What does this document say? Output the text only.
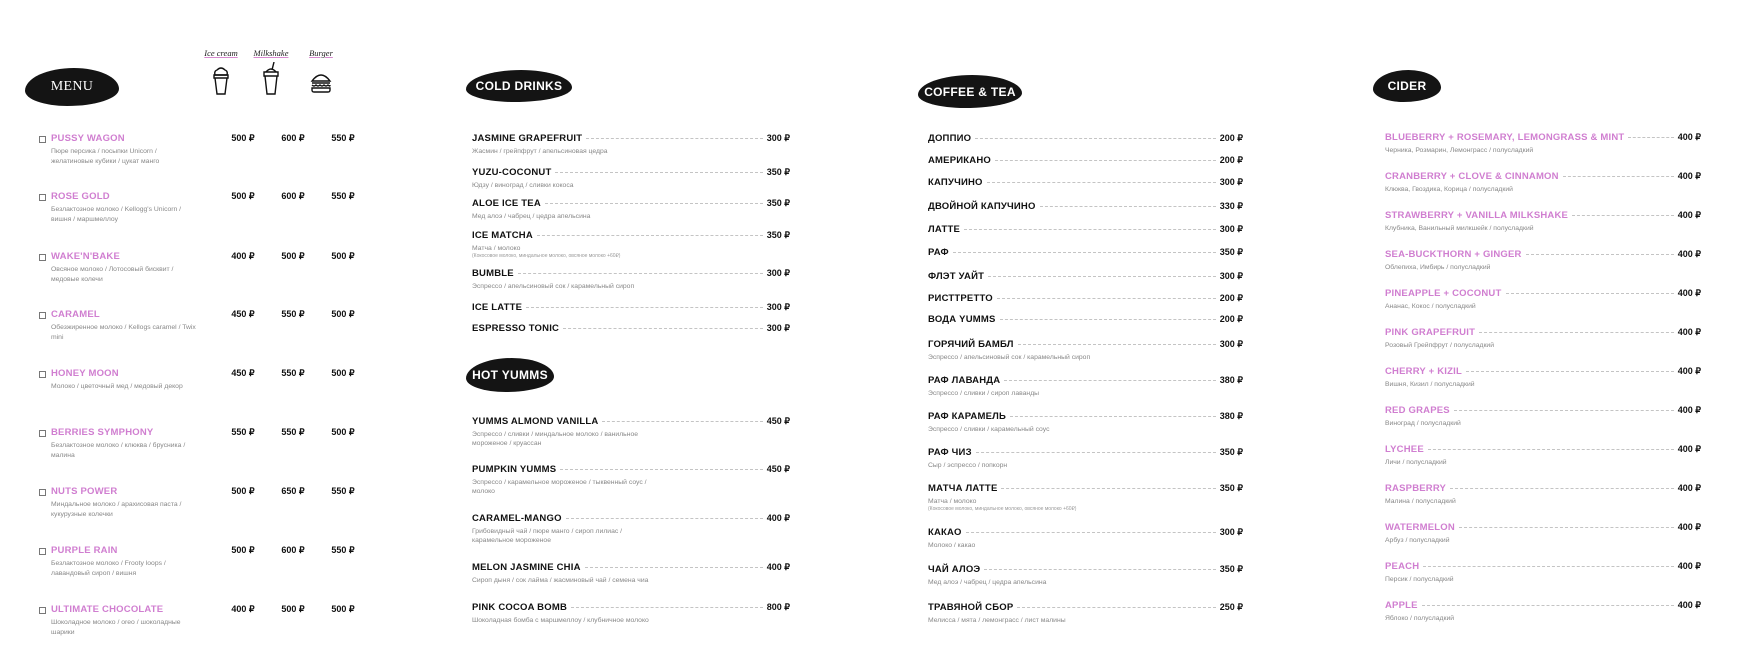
MENU
Ice cream	Milkshake	Burger
PUSSY WAGON
Пюре персика / посыпки Unicorn / желатиновые кубики / цукат манго
500 ₽	600 ₽	550 ₽
ROSE GOLD
Безлактозное молоко / Kellogg's Unicorn / вишня / маршмеллоу
500 ₽	600 ₽	550 ₽
WAKE'N'BAKE
Овсяное молоко / Лотосовый бисквит / медовые колечи
400 ₽	500 ₽	500 ₽
CARAMEL
Обезжиренное молоко / Kellogs caramel / Twix mini
450 ₽	550 ₽	500 ₽
HONEY MOON
Молоко / цветочный мед / медовый декор
450 ₽	550 ₽	500 ₽
BERRIES SYMPHONY
Безлактозное молоко / клюква / брусника / малина
550 ₽	550 ₽	500 ₽
NUTS POWER
Миндальное молоко / арахисовая паста / кукурузные колечки
500 ₽	650 ₽	550 ₽
PURPLE RAIN
Безлактозное молоко / Frooty loops / лавандовый сироп / вишня
500 ₽	600 ₽	550 ₽
ULTIMATE CHOCOLATE
Шоколадное молоко / oreo / шоколадные шарики
400 ₽	500 ₽	500 ₽
COLD DRINKS
JASMINE GRAPEFRUIT	300 ₽
Жасмин / грейпфрут / апельсиновая цедра
YUZU-COCONUT	350 ₽
Юдзу / виноград / сливки кокоса
ALOE ICE TEA	350 ₽
Мед алоэ / чабрец / цедра апельсина
ICE MATCHA	350 ₽
Матча / молоко
(Кокосовое молоко, миндальное молоко, овсяное молоко +60₽)
BUMBLE	300 ₽
Эспрессо / апельсиновый сок / карамельный сироп
ICE LATTE	300 ₽
ESPRESSO TONIC	300 ₽
HOT YUMMS
YUMMS ALMOND VANILLA	450 ₽
Эспрессо / сливки / миндальное молоко / ванильное мороженое / круассан
PUMPKIN YUMMS	450 ₽
Эспрессо / карамельное мороженое / тыквенный соус / молоко
CARAMEL-MANGO	400 ₽
Грибовидный чай / пюре манго / сироп лилиас / карамельное мороженое
MELON JASMINE CHIA	400 ₽
Сироп дыня / сок лайма / жасминовый чай / семена чиа
PINK COCOA BOMB	800 ₽
Шоколадная бомба с маршмеллоу / клубничное молоко
COFFEE & TEA
ДОППИО	200 ₽
АМЕРИКАНО	200 ₽
КАПУЧИНО	300 ₽
ДВОЙНОЙ КАПУЧИНО	330 ₽
ЛАТТЕ	300 ₽
РАФ	350 ₽
ФЛЭТ УАЙТ	300 ₽
РИСТТРЕТТО	200 ₽
ВОДА YUMMS	200 ₽
ГОРЯЧИЙ БАМБЛ	300 ₽
Эспрессо / апельсиновый сок / карамельный сироп
РАФ ЛАВАНДА	380 ₽
Эспрессо / сливки / сироп лаванды
РАФ КАРАМЕЛЬ	380 ₽
Эспрессо / сливки / карамельный соус
РАФ ЧИЗ	350 ₽
Сыр / эспрессо / попкорн
МАТЧА ЛАТТЕ	350 ₽
Матча / молоко
(Кокосовое молоко, миндальное молоко, овсяное молоко +60₽)
КАКАО	300 ₽
Молоко / какао
ЧАЙ АЛОЭ	350 ₽
Мед алоэ / чабрец / цедра апельсина
ТРАВЯНОЙ СБОР	250 ₽
Мелисса / мята / лемонграсс / лист малины
CIDER
BLUEBERRY + ROSEMARY, LEMONGRASS & MINT	400 ₽
Черника, Розмарин, Лемонграсс / полусладкий
CRANBERRY + CLOVE & CINNAMON	400 ₽
Клюква, Гвоздика, Корица / полусладкий
STRAWBERRY + VANILLA MILKSHAKE	400 ₽
Клубника, Ванильный милкшейк / полусладкий
SEA-BUCKTHORN + GINGER	400 ₽
Облепиха, Имбирь / полусладкий
PINEAPPLE + COCONUT	400 ₽
Ананас, Кокос / полусладкий
PINK GRAPEFRUIT	400 ₽
Розовый Грейпфрут / полусладкий
CHERRY + KIZIL	400 ₽
Вишня, Кизил / полусладкий
RED GRAPES	400 ₽
Виноград / полусладкий
LYCHEE	400 ₽
Личи / полусладкий
RASPBERRY	400 ₽
Малина / полусладкий
WATERMELON	400 ₽
Арбуз / полусладкий
PEACH	400 ₽
Персик / полусладкий
APPLE	400 ₽
Яблоко / полусладкий
